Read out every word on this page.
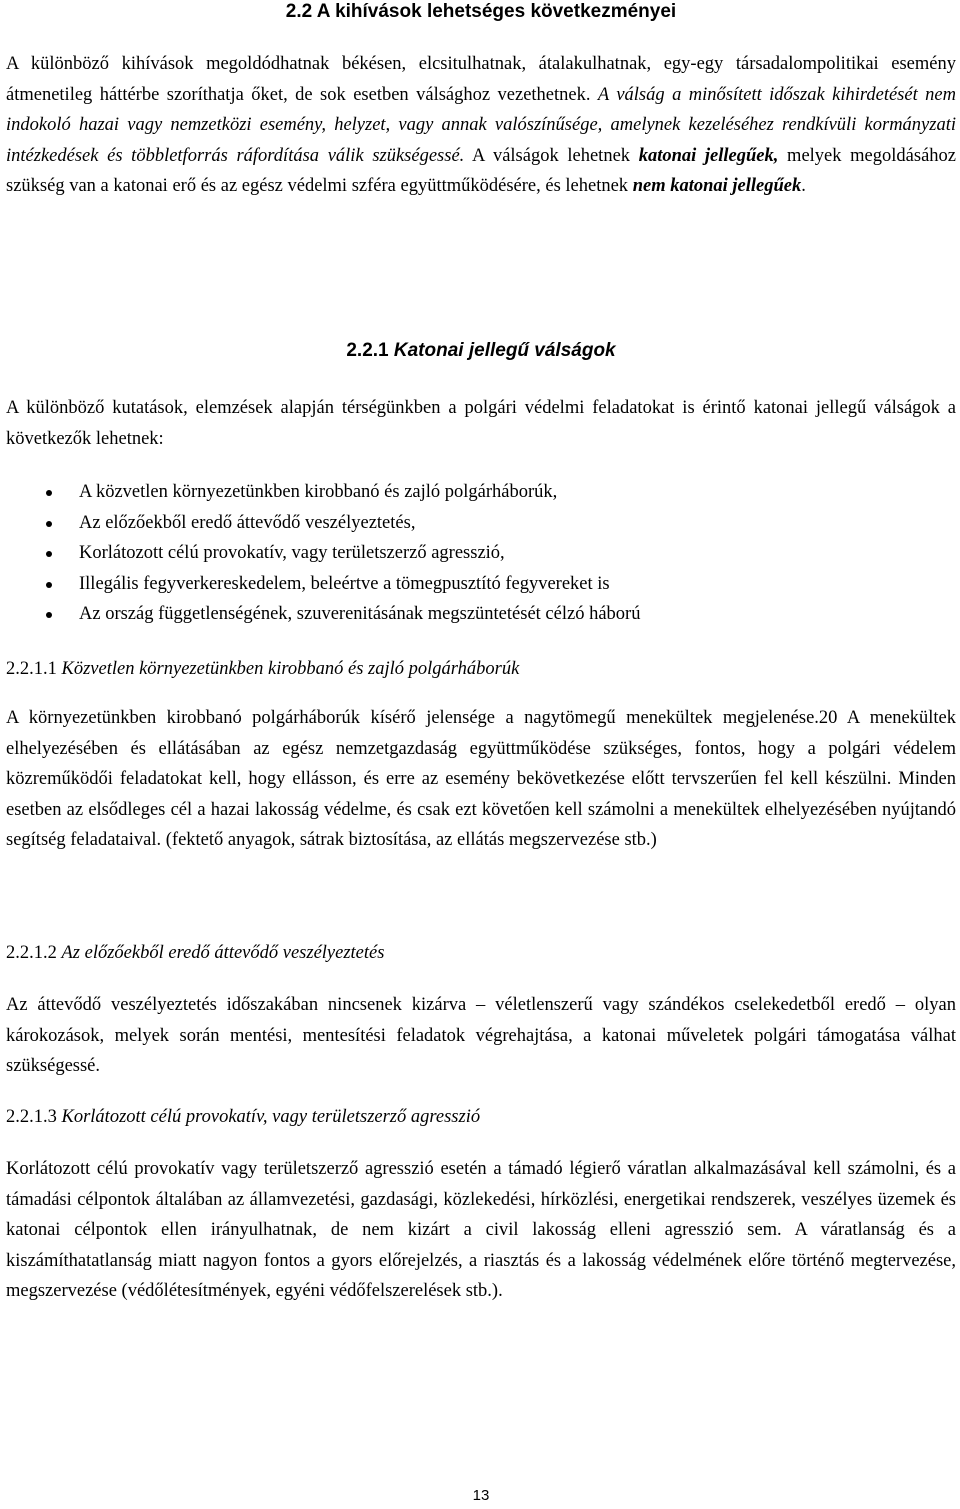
2.2 A kihívások lehetséges következményei

A különböző kihívások megoldódhatnak békésen, elcsitulhatnak, átalakulhatnak, egy-egy társadalompolitikai esemény átmenetileg háttérbe szoríthatja őket, de sok esetben válsághoz vezethetnek. A válság a minősített időszak kihirdetését nem indokoló hazai vagy nemzetközi esemény, helyzet, vagy annak valószínűsége, amelynek kezeléséhez rendkívüli kormányzati intézkedések és többletforrás ráfordítása válik szükségessé. A válságok lehetnek katonai jellegűek, melyek megoldásához szükség van a katonai erő és az egész védelmi szféra együttműködésére, és lehetnek nem katonai jellegűek.

2.2.1 Katonai jellegű válságok

A különböző kutatások, elemzések alapján térségünkben a polgári védelmi feladatokat is érintő katonai jellegű válságok a következők lehetnek:

A közvetlen környezetünkben kirobbanó és zajló polgárháborúk,
Az előzőekből eredő áttevődő veszélyeztetés,
Korlátozott célú provokatív, vagy területszerző agresszió,
Illegális fegyverkereskedelem, beleértve a tömegpusztító fegyvereket is
Az ország függetlenségének, szuverenitásának megszüntetését célzó háború
2.2.1.1 Közvetlen környezetünkben kirobbanó és zajló polgárháborúk

A környezetünkben kirobbanó polgárháborúk kísérő jelensége a nagytömegű menekültek megjelenése.20 A menekültek elhelyezésében és ellátásában az egész nemzetgazdaság együttműködése szükséges, fontos, hogy a polgári védelem közreműködői feladatokat kell, hogy ellásson, és erre az esemény bekövetkezése előtt tervszerűen fel kell készülni. Minden esetben az elsődleges cél a hazai lakosság védelme, és csak ezt követően kell számolni a menekültek elhelyezésében nyújtandó segítség feladataival. (fektető anyagok, sátrak biztosítása, az ellátás megszervezése stb.)

2.2.1.2 Az előzőekből eredő áttevődő veszélyeztetés

Az áttevődő veszélyeztetés időszakában nincsenek kizárva – véletlenszerű vagy szándékos cselekedetből eredő – olyan károkozások, melyek során mentési, mentesítési feladatok végrehajtása, a katonai műveletek polgári támogatása válhat szükségessé.

2.2.1.3 Korlátozott célú provokatív, vagy területszerző agresszió

Korlátozott célú provokatív vagy területszerző agresszió esetén a támadó légierő váratlan alkalmazásával kell számolni, és a támadási célpontok általában az államvezetési, gazdasági, közlekedési, hírközlési, energetikai rendszerek, veszélyes üzemek és katonai célpontok ellen irányulhatnak, de nem kizárt a civil lakosság elleni agresszió sem. A váratlanság és a kiszámíthatatlanság miatt nagyon fontos a gyors előrejelzés, a riasztás és a lakosság védelmének előre történő megtervezése, megszervezése (védőlétesítmények, egyéni védőfelszerelések stb.).

13
